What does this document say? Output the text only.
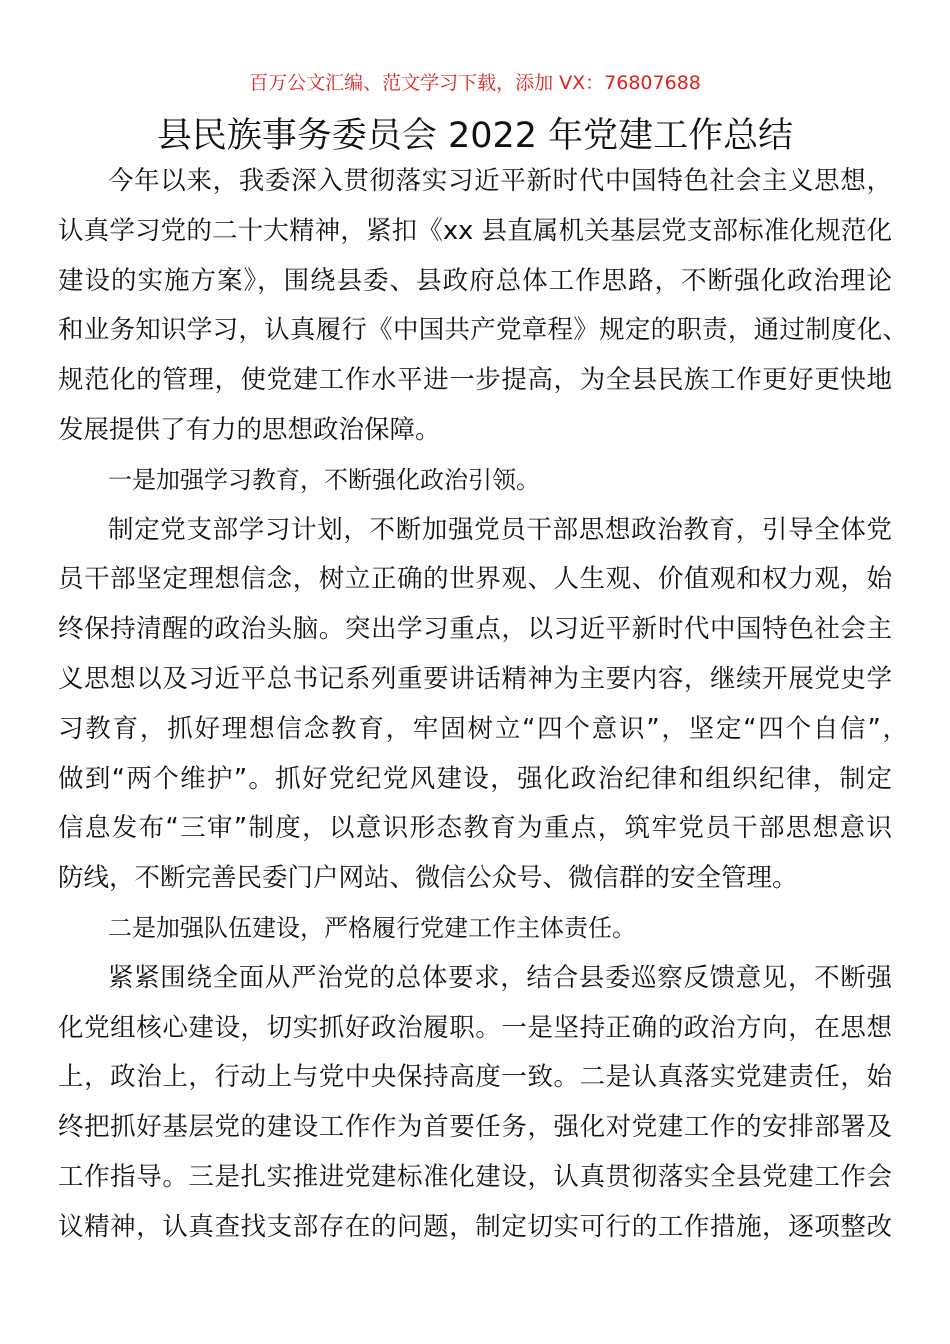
百万公文汇编、范文学习下载，添加 VX：76807688
县民族事务委员会 2022 年党建工作总结
今年以来，我委深入贯彻落实习近平新时代中国特色社会主义思想，
认真学习党的二十大精神，紧扣《xx 县直属机关基层党支部标准化规范化
建设的实施方案》，围绕县委、县政府总体工作思路，不断强化政治理论
和业务知识学习，认真履行《中国共产党章程》规定的职责，通过制度化、
规范化的管理，使党建工作水平进一步提高，为全县民族工作更好更快地
发展提供了有力的思想政治保障。
一是加强学习教育，不断强化政治引领。
制定党支部学习计划，不断加强党员干部思想政治教育，引导全体党
员干部坚定理想信念，树立正确的世界观、人生观、价值观和权力观，始
终保持清醒的政治头脑。突出学习重点，以习近平新时代中国特色社会主
义思想以及习近平总书记系列重要讲话精神为主要内容，继续开展党史学
习教育，抓好理想信念教育，牢固树立“四个意识”，坚定“四个自信”，
做到“两个维护”。抓好党纪党风建设，强化政治纪律和组织纪律，制定
信息发布“三审”制度，以意识形态教育为重点，筑牢党员干部思想意识
防线，不断完善民委门户网站、微信公众号、微信群的安全管理。
二是加强队伍建设，严格履行党建工作主体责任。
紧紧围绕全面从严治党的总体要求，结合县委巡察反馈意见，不断强
化党组核心建设，切实抓好政治履职。一是坚持正确的政治方向，在思想
上，政治上，行动上与党中央保持高度一致。二是认真落实党建责任，始
终把抓好基层党的建设工作作为首要任务，强化对党建工作的安排部署及
工作指导。三是扎实推进党建标准化建设，认真贯彻落实全县党建工作会
议精神，认真查找支部存在的问题，制定切实可行的工作措施，逐项整改
